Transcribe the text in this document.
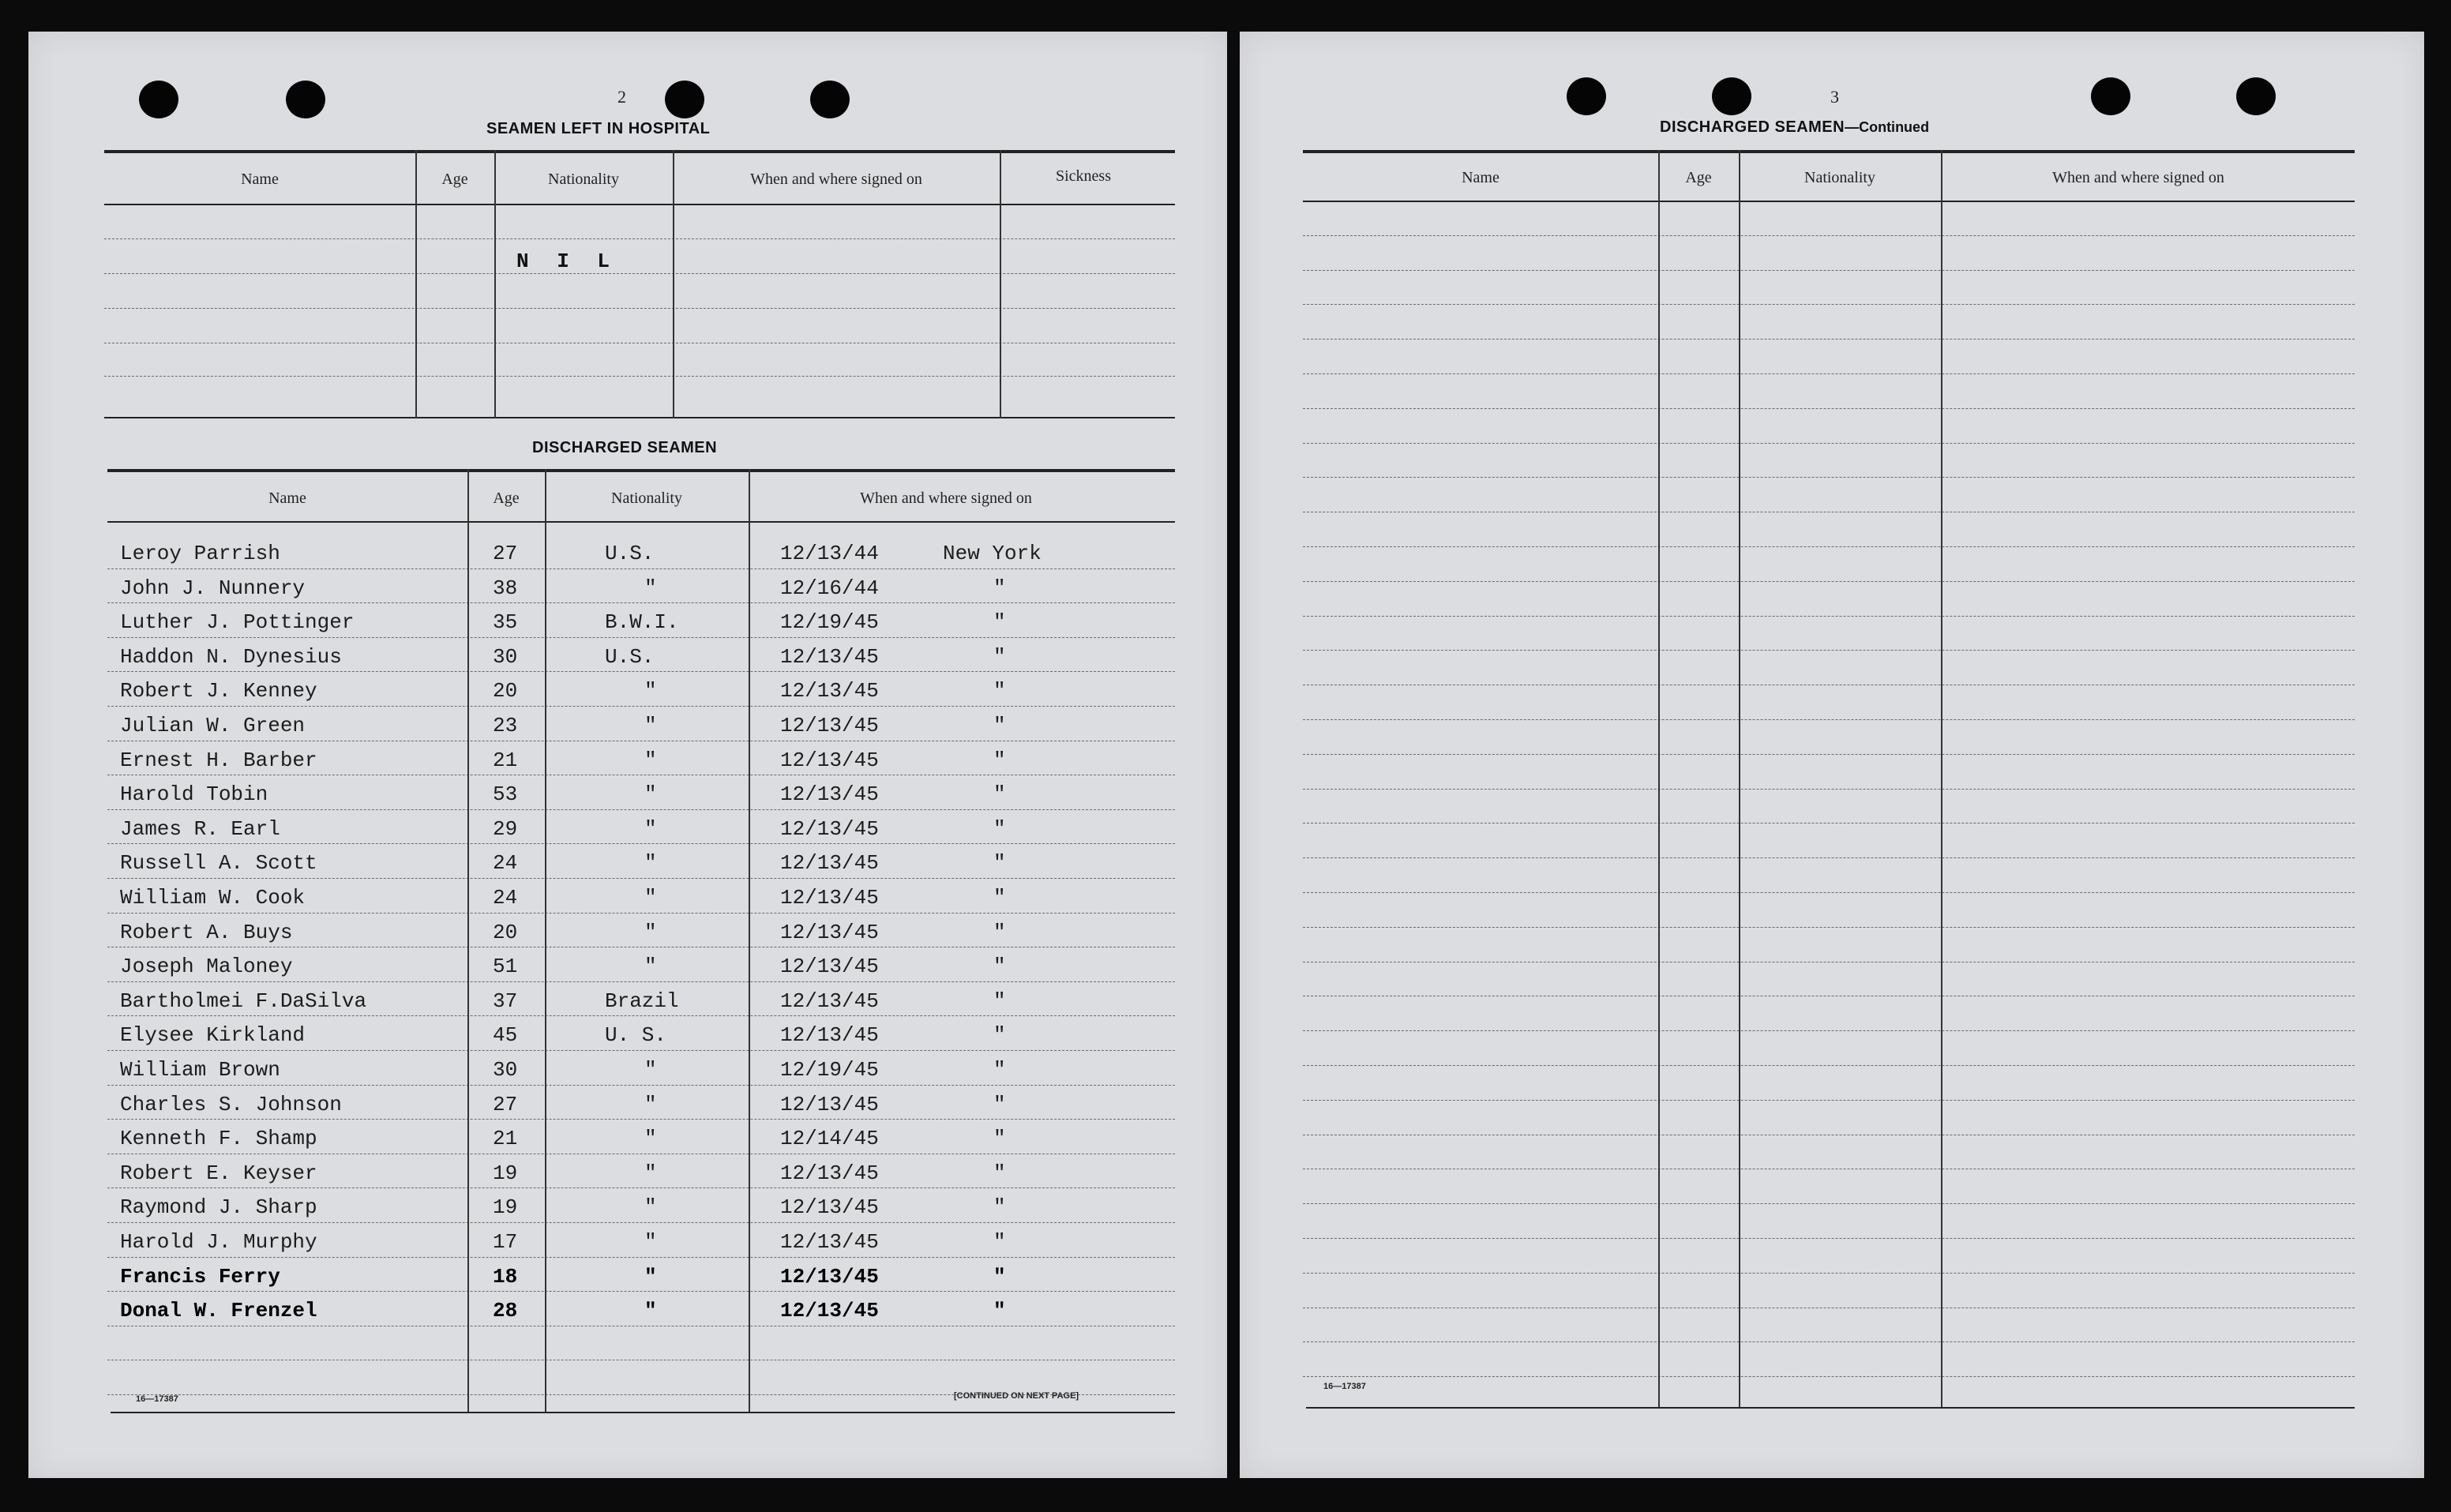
2
SEAMEN LEFT IN HOSPITAL
Name	Age	Nationality	When and where signed on	Sickness
N I L
DISCHARGED SEAMEN
Name	Age	Nationality	When and where signed on
Leroy Parrish	27	U.S.	12/13/44	New York
John J. Nunnery	38	"	12/16/44	"
Luther J. Pottinger	35	B.W.I.	12/19/45	"
Haddon N. Dynesius	30	U.S.	12/13/45	"
Robert J. Kenney	20	"	12/13/45	"
Julian W. Green	23	"	12/13/45	"
Ernest H. Barber	21	"	12/13/45	"
Harold Tobin	53	"	12/13/45	"
James R. Earl	29	"	12/13/45	"
Russell A. Scott	24	"	12/13/45	"
William W. Cook	24	"	12/13/45	"
Robert A. Buys	20	"	12/13/45	"
Joseph Maloney	51	"	12/13/45	"
Bartholmei F.DaSilva	37	Brazil	12/13/45	"
Elysee Kirkland	45	U. S.	12/13/45	"
William Brown	30	"	12/19/45	"
Charles S. Johnson	27	"	12/13/45	"
Kenneth F. Shamp	21	"	12/14/45	"
Robert E. Keyser	19	"	12/13/45	"
Raymond J. Sharp	19	"	12/13/45	"
Harold J. Murphy	17	"	12/13/45	"
Francis Ferry	18	"	12/13/45	"
Donal W. Frenzel	28	"	12/13/45	"
16—17387	[CONTINUED ON NEXT PAGE]
3
DISCHARGED SEAMEN—Continued
Name	Age	Nationality	When and where signed on
16—17387
